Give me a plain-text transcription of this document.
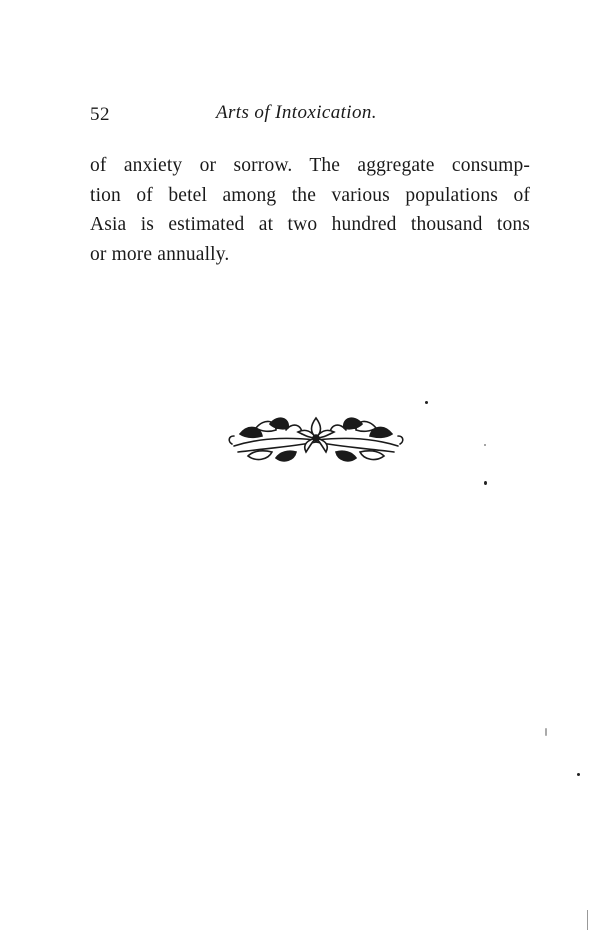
52	Arts of Intoxication.
of anxiety or sorrow. The aggregate consump-
tion of betel among the various populations of
Asia is estimated at two hundred thousand tons
or more annually.
